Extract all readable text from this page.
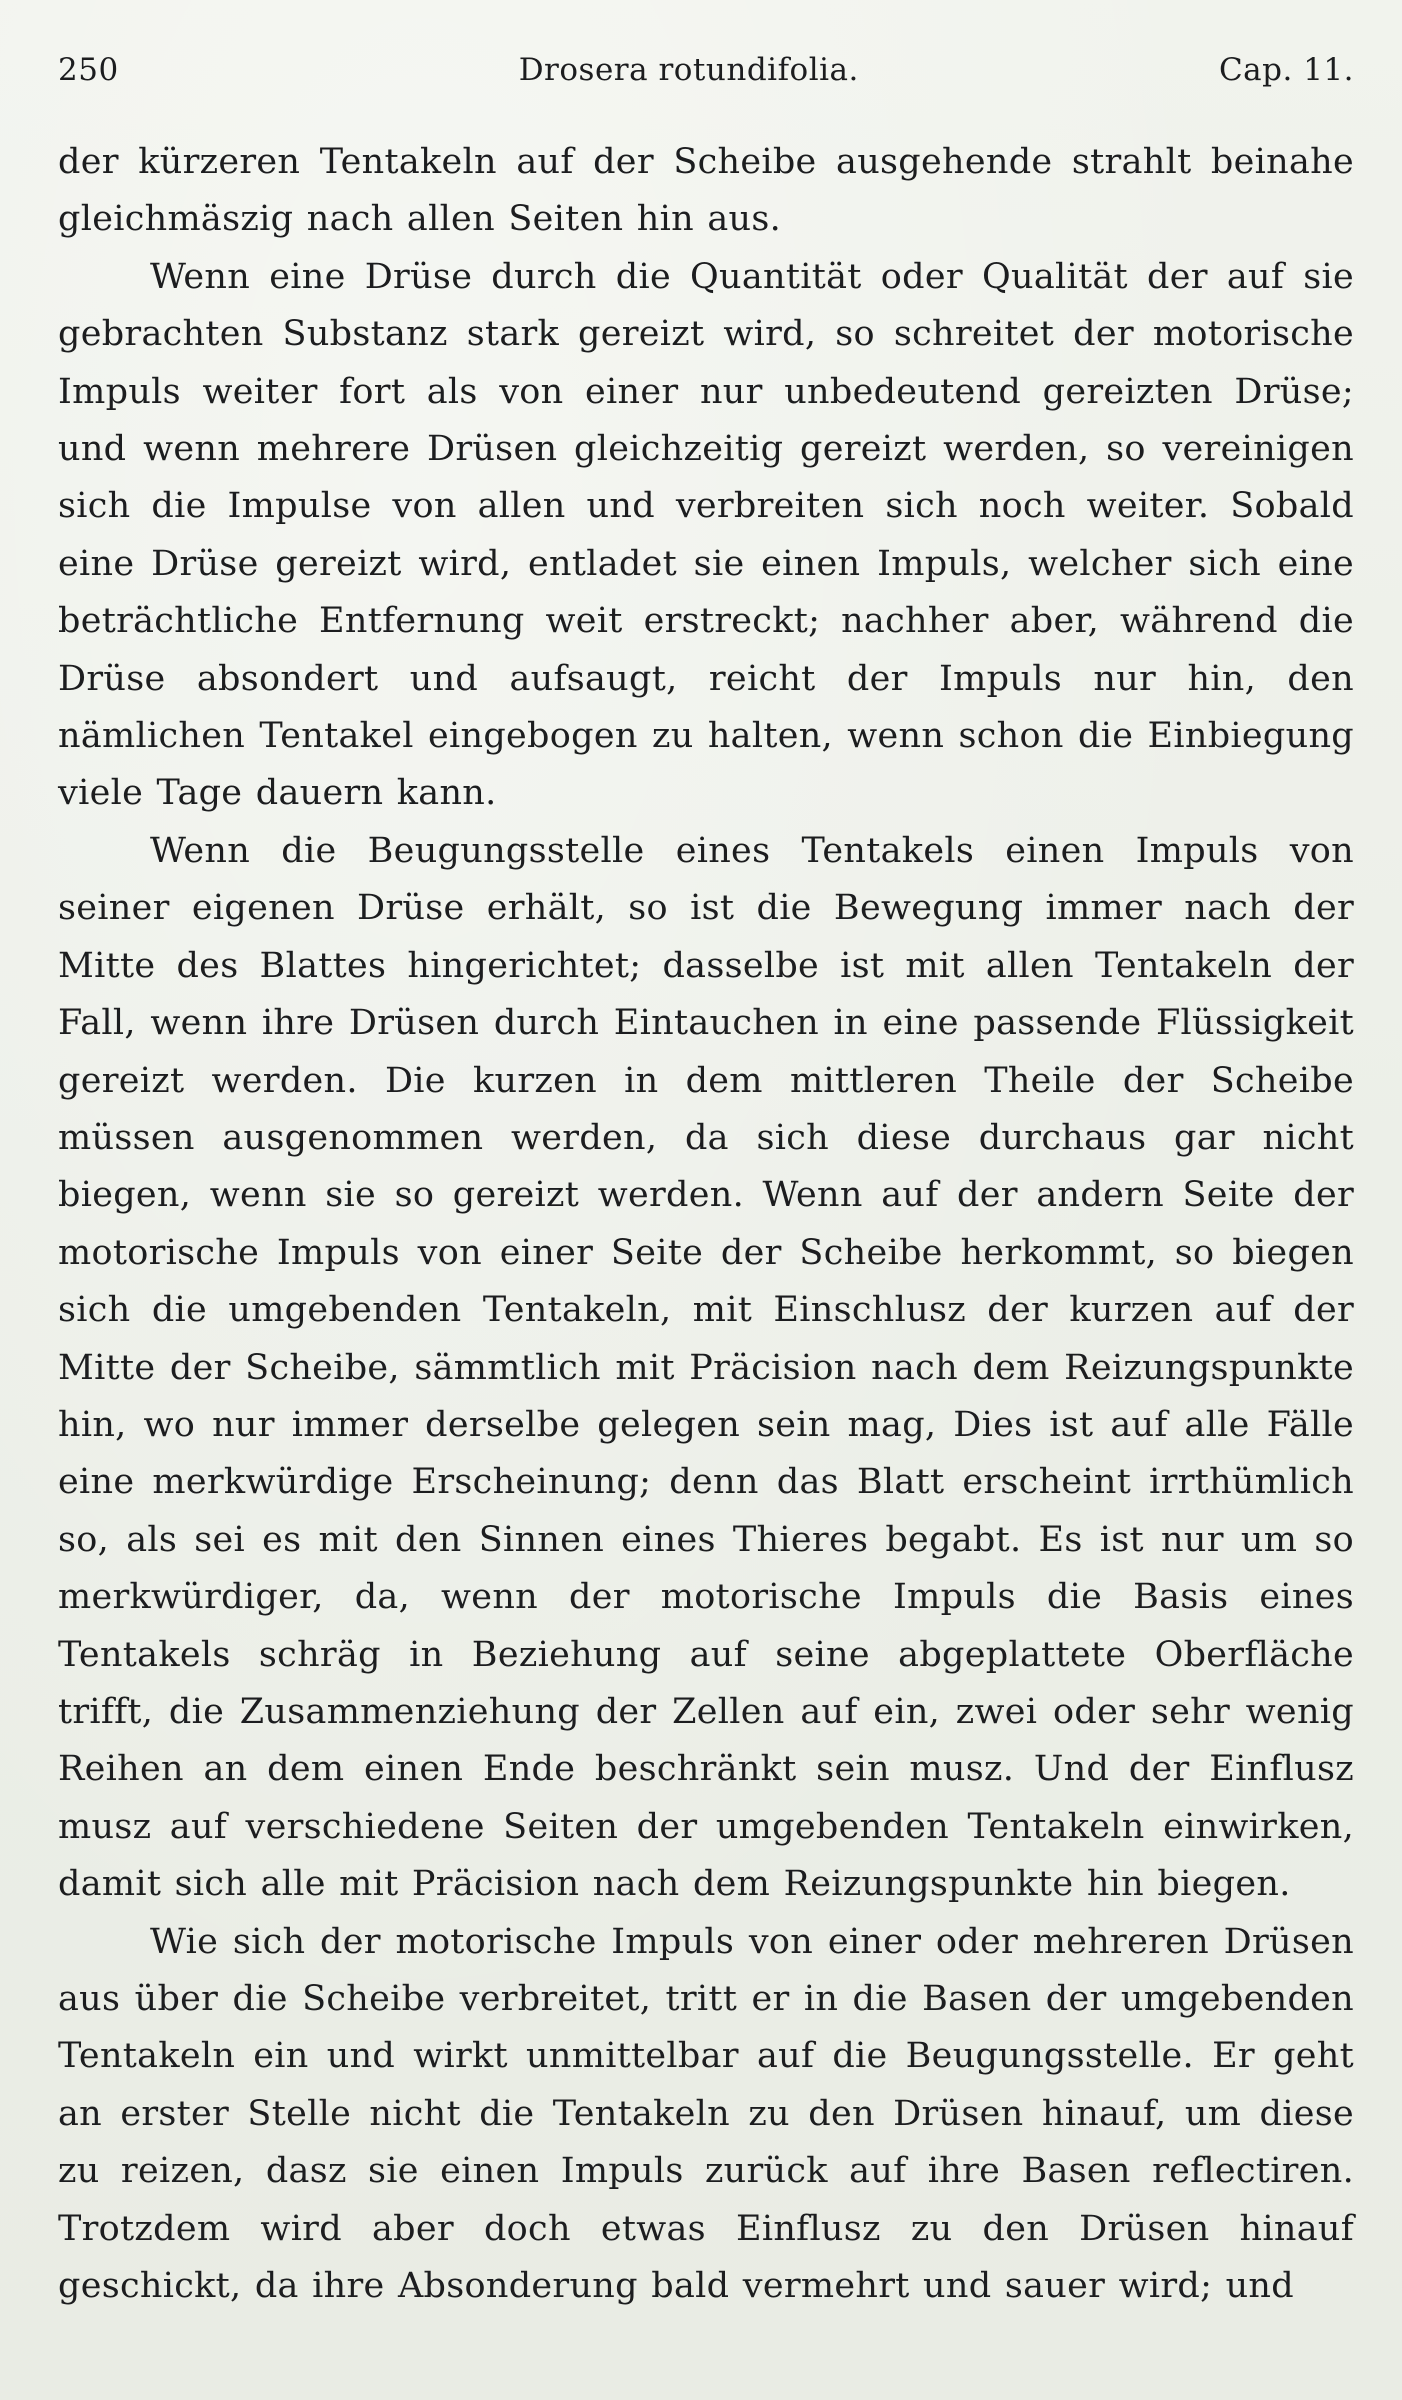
250	Drosera rotundifolia.	Cap. 11.

der kürzeren Tentakeln auf der Scheibe ausgehende strahlt beinahe gleichmäszig nach allen Seiten hin aus.

Wenn eine Drüse durch die Quantität oder Qualität der auf sie gebrachten Substanz stark gereizt wird, so schreitet der motorische Impuls weiter fort als von einer nur unbedeutend gereizten Drüse; und wenn mehrere Drüsen gleichzeitig gereizt werden, so vereinigen sich die Impulse von allen und verbreiten sich noch weiter. Sobald eine Drüse gereizt wird, entladet sie einen Impuls, welcher sich eine beträchtliche Entfernung weit erstreckt; nachher aber, während die Drüse absondert und aufsaugt, reicht der Impuls nur hin, den nämlichen Tentakel eingebogen zu halten, wenn schon die Einbiegung viele Tage dauern kann.

Wenn die Beugungsstelle eines Tentakels einen Impuls von seiner eigenen Drüse erhält, so ist die Bewegung immer nach der Mitte des Blattes hingerichtet; dasselbe ist mit allen Tentakeln der Fall, wenn ihre Drüsen durch Eintauchen in eine passende Flüssigkeit gereizt werden. Die kurzen in dem mittleren Theile der Scheibe müssen ausgenommen werden, da sich diese durchaus gar nicht biegen, wenn sie so gereizt werden. Wenn auf der andern Seite der motorische Impuls von einer Seite der Scheibe herkommt, so biegen sich die umgebenden Tentakeln, mit Einschlusz der kurzen auf der Mitte der Scheibe, sämmtlich mit Präcision nach dem Reizungspunkte hin, wo nur immer derselbe gelegen sein mag, Dies ist auf alle Fälle eine merkwürdige Erscheinung; denn das Blatt erscheint irrthümlich so, als sei es mit den Sinnen eines Thieres begabt. Es ist nur um so merkwürdiger, da, wenn der motorische Impuls die Basis eines Tentakels schräg in Beziehung auf seine abgeplattete Oberfläche trifft, die Zusammenziehung der Zellen auf ein, zwei oder sehr wenig Reihen an dem einen Ende beschränkt sein musz. Und der Einflusz musz auf verschiedene Seiten der umgebenden Tentakeln einwirken, damit sich alle mit Präcision nach dem Reizungspunkte hin biegen.

Wie sich der motorische Impuls von einer oder mehreren Drüsen aus über die Scheibe verbreitet, tritt er in die Basen der umgebenden Tentakeln ein und wirkt unmittelbar auf die Beugungsstelle. Er geht an erster Stelle nicht die Tentakeln zu den Drüsen hinauf, um diese zu reizen, dasz sie einen Impuls zurück auf ihre Basen reflectiren. Trotzdem wird aber doch etwas Einflusz zu den Drüsen hinauf geschickt, da ihre Absonderung bald vermehrt und sauer wird; und
